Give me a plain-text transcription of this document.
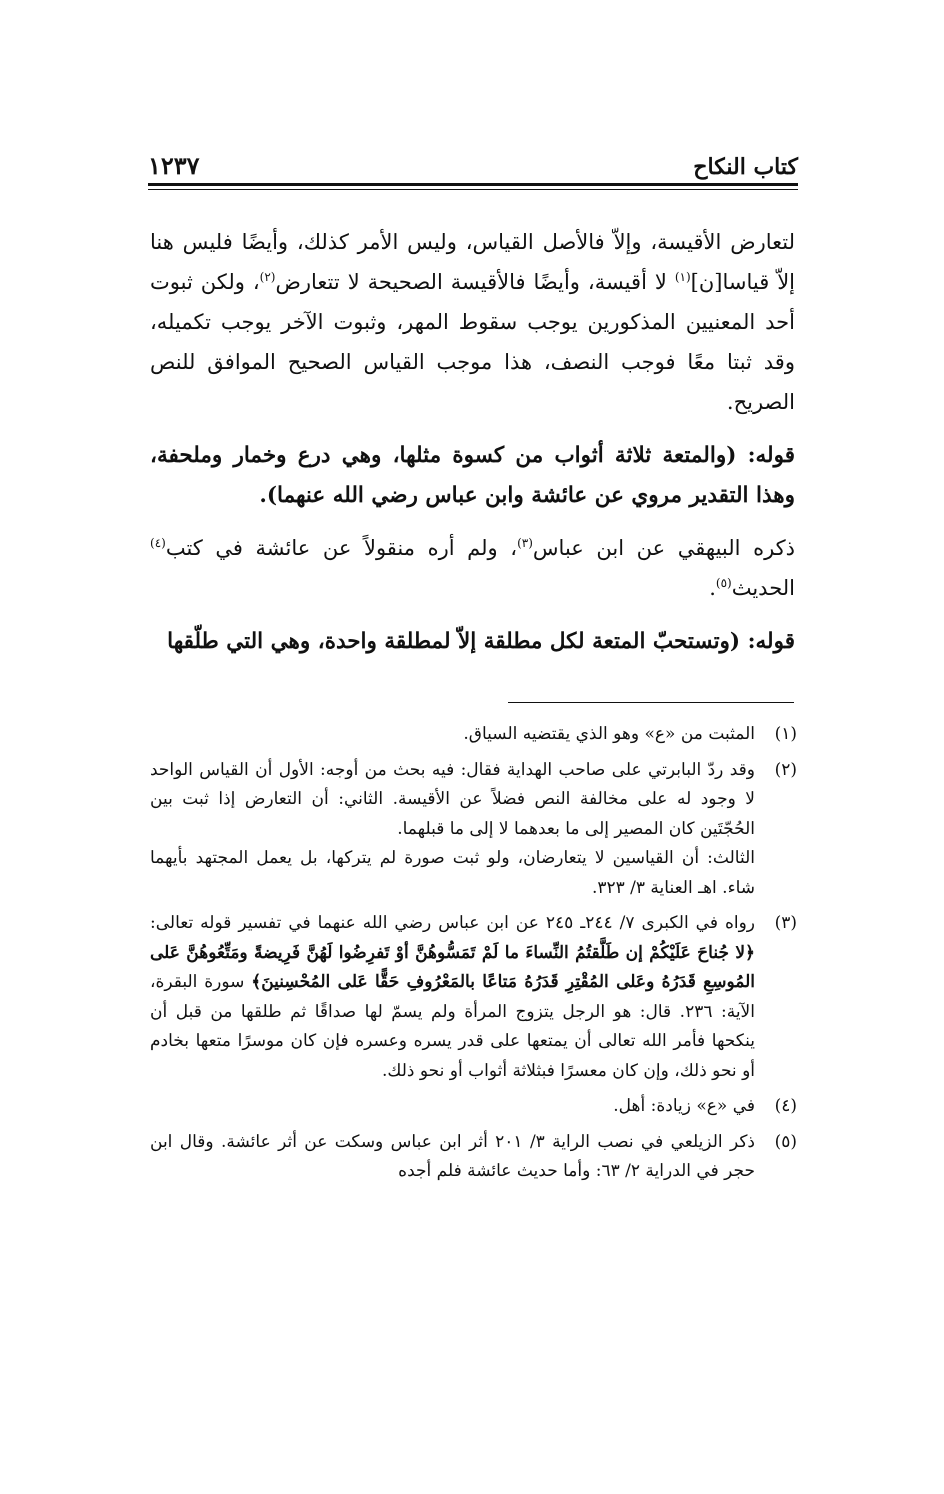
كتاب النكاح
١٢٣٧

لتعارض الأقيسة، وإلاّ فالأصل القياس، وليس الأمر كذلك، وأيضًا فليس هنا إلاّ قياسا[ن]$^{(١)}$ لا أقيسة، وأيضًا فالأقيسة الصحيحة لا تتعارض$^{(٢)}$، ولكن ثبوت أحد المعنيين المذكورين يوجب سقوط المهر، وثبوت الآخر يوجب تكميله، وقد ثبتا معًا فوجب النصف، هذا موجب القياس الصحيح الموافق للنص الصريح.

قوله: (والمتعة ثلاثة أثواب من كسوة مثلها، وهي درع وخمار وملحفة، وهذا التقدير مروي عن عائشة وابن عباس رضي الله عنهما).

ذكره البيهقي عن ابن عباس$^{(٣)}$، ولم أره منقولاً عن عائشة في كتب$^{(٤)}$ الحديث$^{(٥)}$.

قوله: (وتستحبّ المتعة لكل مطلقة إلاّ لمطلقة واحدة، وهي التي طلّقها

(١)

المثبت من «ع» وهو الذي يقتضيه السياق.

(٢)

وقد ردّ البابرتي على صاحب الهداية فقال: فيه بحث من أوجه: الأول أن القياس الواحد لا وجود له على مخالفة النص فضلاً عن الأقيسة. الثاني: أن التعارض إذا ثبت بين الحُجّتَين كان المصير إلى ما بعدهما لا إلى ما قبلهما.

الثالث: أن القياسين لا يتعارضان، ولو ثبت صورة لم يتركها، بل يعمل المجتهد بأيهما شاء. اهـ العناية ٣/ ٣٢٣.

(٣)

رواه في الكبرى ٧/ ٢٤٤ـ ٢٤٥ عن ابن عباس رضي الله عنهما في تفسير قوله تعالى: ﴿لا جُناحَ عَلَيْكُمْ إن طَلَّقتُمُ النِّساءَ ما لَمْ تَمَسُّوهُنَّ أوْ تَفرِضُوا لَهُنَّ فَرِيضةً ومَتِّعُوهُنَّ عَلى المُوسِعِ قَدَرُهُ وعَلى المُقْتِرِ قَدَرُهُ مَتاعًا بالمَعْرُوفِ حَقًّا عَلى المُحْسِنينَ﴾ سورة البقرة، الآية: ٢٣٦. قال: هو الرجل يتزوج المرأة ولم يسمّ لها صداقًا ثم طلقها من قبل أن ينكحها فأمر الله تعالى أن يمتعها على قدر يسره وعسره فإن كان موسرًا متعها بخادم أو نحو ذلك، وإن كان معسرًا فبثلاثة أثواب أو نحو ذلك.

(٤)

في «ع» زيادة: أهل.

(٥)

ذكر الزيلعي في نصب الراية ٣/ ٢٠١ أثر ابن عباس وسكت عن أثر عائشة. وقال ابن حجر في الدراية ٢/ ٦٣: وأما حديث عائشة فلم أجده
